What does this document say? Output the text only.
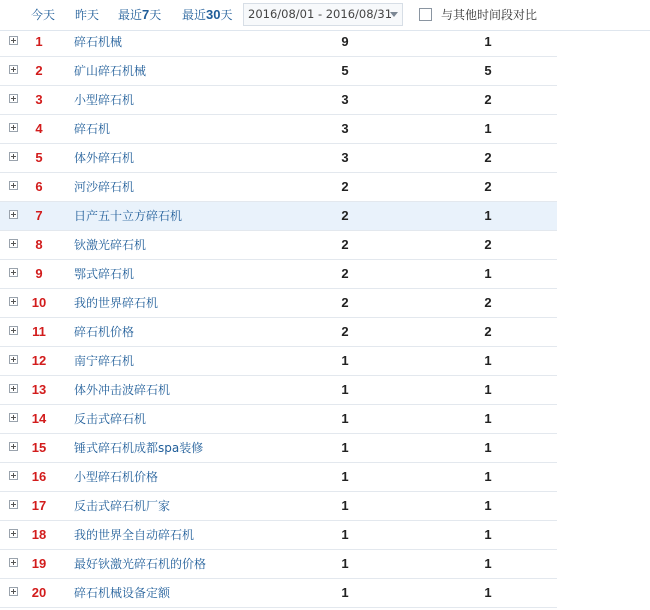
今天 昨天 最近7天 最近30天	2016/08/01 - 2016/08/31	与其他时间段对比
1	碎石机械	9	1
2	矿山碎石机械	5	5
3	小型碎石机	3	2
4	碎石机	3	1
5	体外碎石机	3	2
6	河沙碎石机	2	2
7	日产五十立方碎石机	2	1
8	钬激光碎石机	2	2
9	鄂式碎石机	2	1
10	我的世界碎石机	2	2
11	碎石机价格	2	2
12	南宁碎石机	1	1
13	体外冲击波碎石机	1	1
14	反击式碎石机	1	1
15	锤式碎石机成都spa装修	1	1
16	小型碎石机价格	1	1
17	反击式碎石机厂家	1	1
18	我的世界全自动碎石机	1	1
19	最好钬激光碎石机的价格	1	1
20	碎石机械设备定额	1	1
